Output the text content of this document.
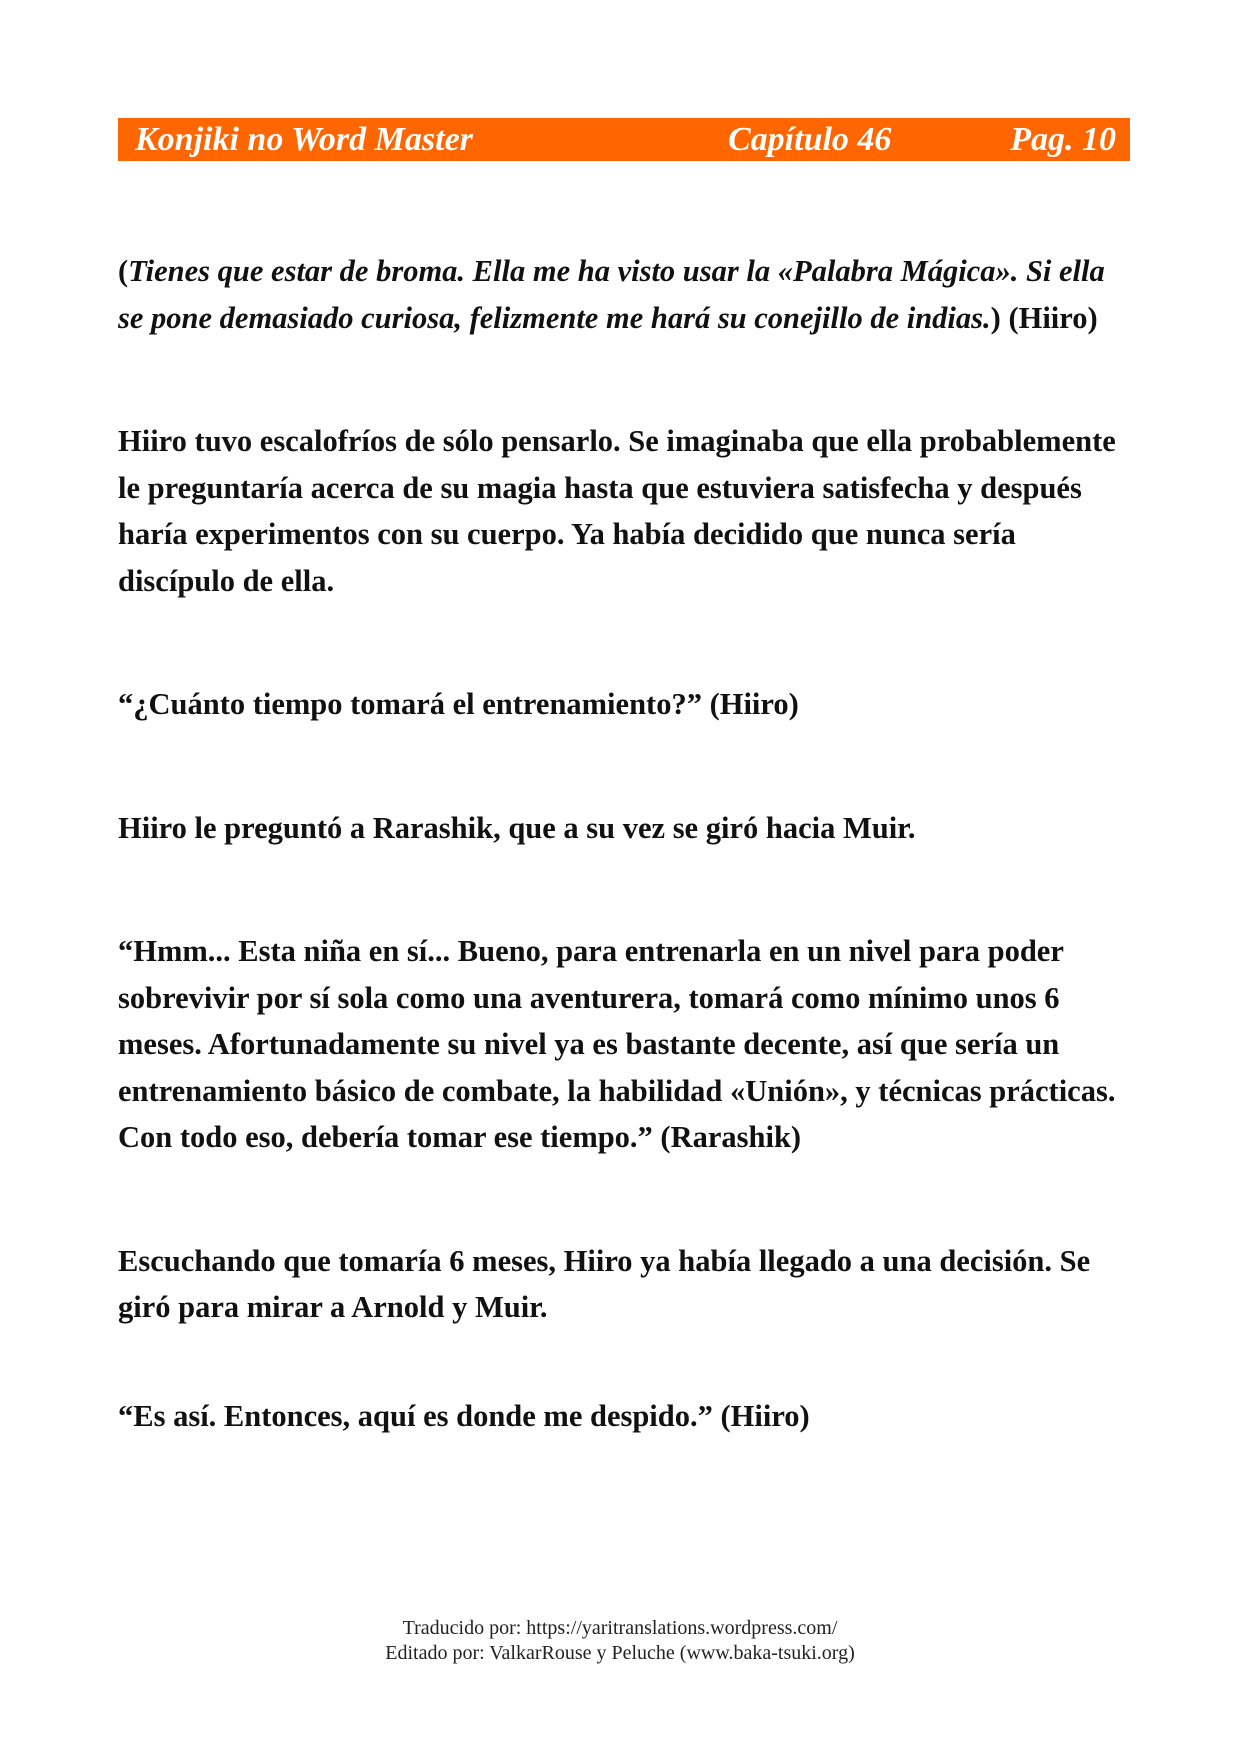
Konjiki no Word Master	Capítulo 46	Pag. 10

(Tienes que estar de broma. Ella me ha visto usar la «Palabra Mágica». Si ella se pone demasiado curiosa, felizmente me hará su conejillo de indias.) (Hiiro)

Hiiro tuvo escalofríos de sólo pensarlo. Se imaginaba que ella probablemente le preguntaría acerca de su magia hasta que estuviera satisfecha y después haría experimentos con su cuerpo. Ya había decidido que nunca sería discípulo de ella.

“¿Cuánto tiempo tomará el entrenamiento?” (Hiiro)

Hiiro le preguntó a Rarashik, que a su vez se giró hacia Muir.

“Hmm... Esta niña en sí... Bueno, para entrenarla en un nivel para poder sobrevivir por sí sola como una aventurera, tomará como mínimo unos 6 meses. Afortunadamente su nivel ya es bastante decente, así que sería un entrenamiento básico de combate, la habilidad «Unión», y técnicas prácticas. Con todo eso, debería tomar ese tiempo.” (Rarashik)

Escuchando que tomaría 6 meses, Hiiro ya había llegado a una decisión. Se giró para mirar a Arnold y Muir.

“Es así. Entonces, aquí es donde me despido.” (Hiiro)

Traducido por: https://yaritranslations.wordpress.com/
Editado por: ValkarRouse y Peluche (www.baka-tsuki.org)
